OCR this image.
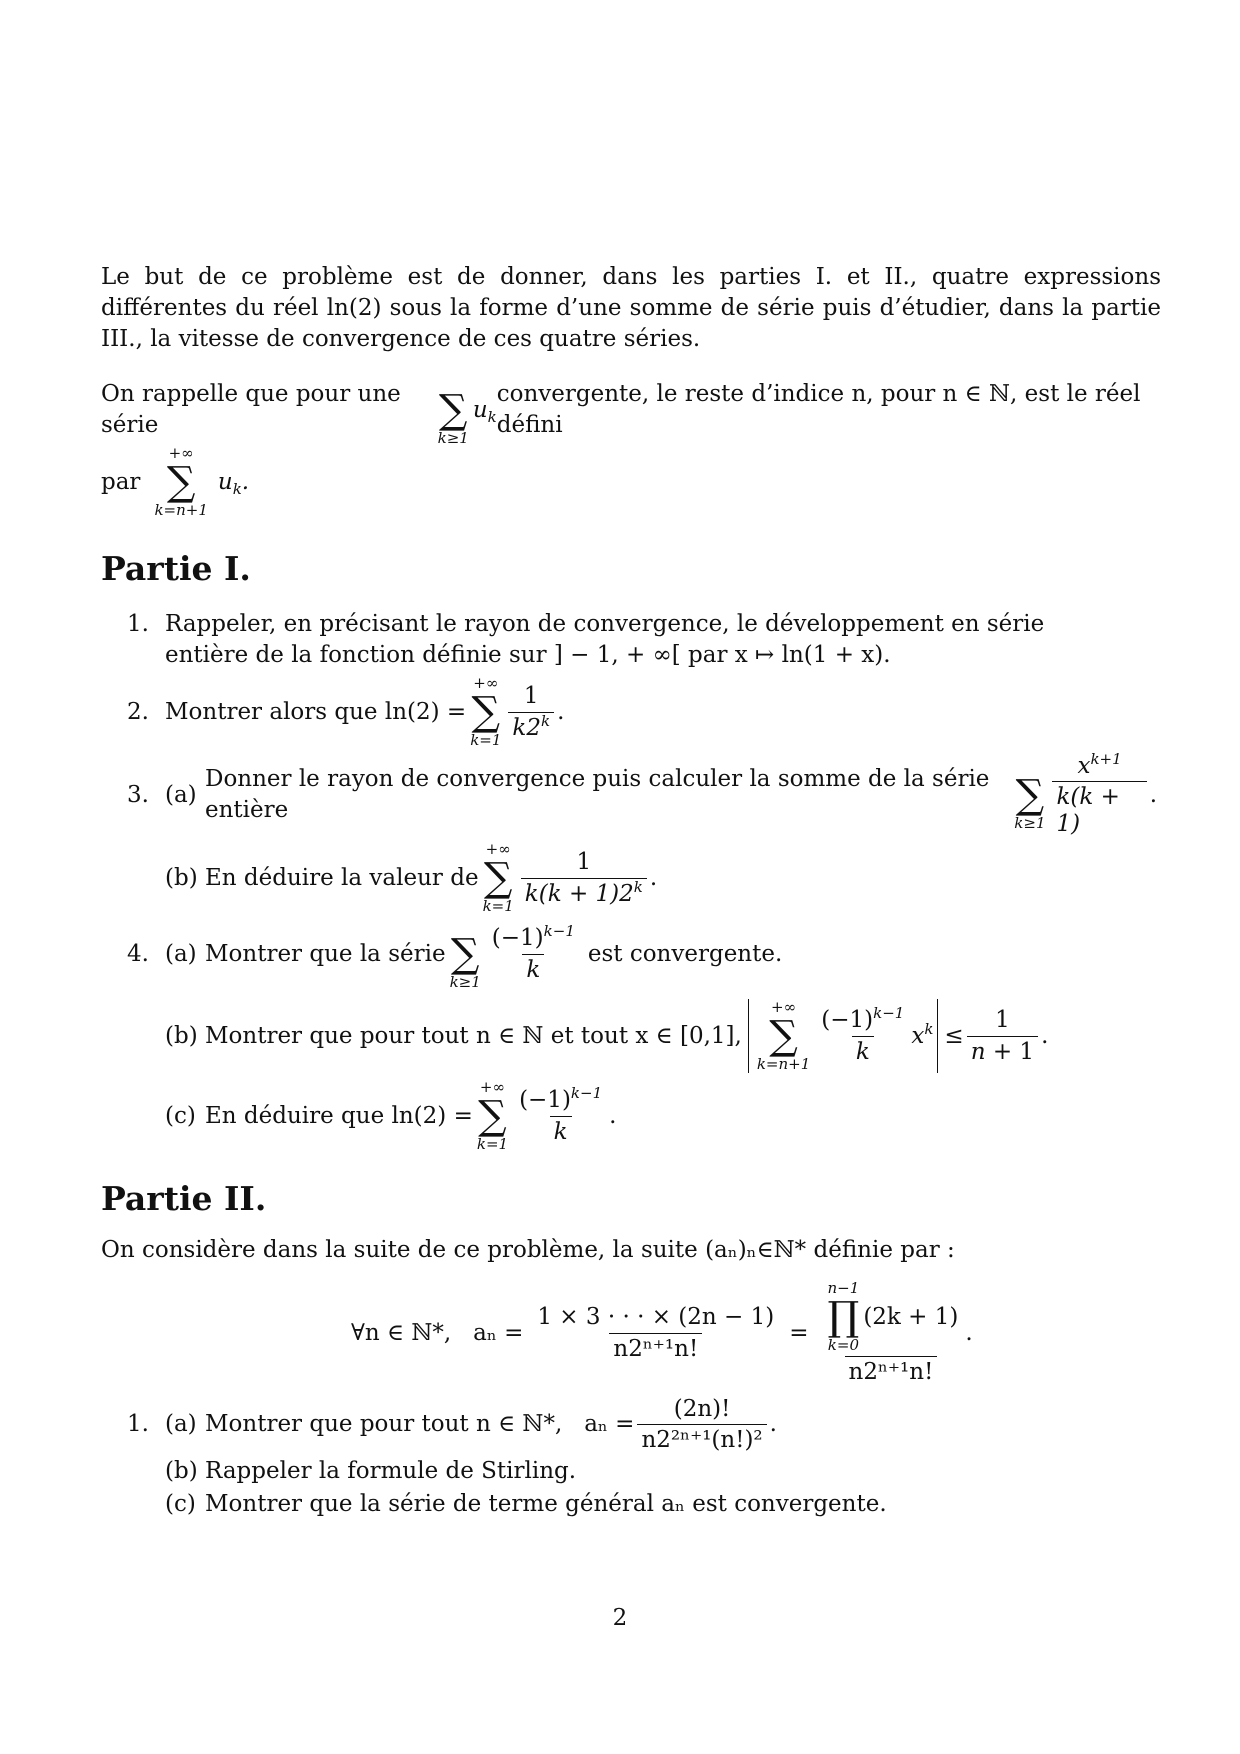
Le but de ce problème est de donner, dans les parties I. et II., quatre expressions différentes du réel ln(2) sous la forme d’une somme de série puis d’étudier, dans la partie III., la vitesse de convergence de ces quatre séries.

On rappelle que pour une série	∑
k≥1
$u_k$
convergente, le reste d’indice n, pour n ∈ ℕ, est le réel défini

par
+∞
∑
k=n+1
$u_k$.

Partie I.
1. Rappeler, en précisant le rayon de convergence, le développement en série entière de la fonction définie sur ] − 1, + ∞[ par x ↦ ln(1 + x).
2. Montrer alors que ln(2) =
+∞
∑
$k=1 \frac{1}{k2^k}$ .
3. (a)
Donner le rayon de convergence puis calculer la somme de la série entière	∑
$k\ge 1 \frac{x^{k+1}}{k(k + 1)}$ .
(b) En déduire la valeur de
+∞
∑
$k=1 \frac{1}{k(k + 1)2^k}$ .
4. (a) Montrer que la série ∑
$k\ge 1 \frac{(-1)^{k-1}}{k}$ est convergente.
(b) Montrer que pour tout n ∈ ℕ et tout x ∈ [0,1],
+∞
∑
$k=n+1 \frac{(-1)^{k-1}}{k} x^k \le \frac{1}{n + 1}$ .
(c) En déduire que ln(2) =
+∞
∑
$k=1 \frac{(-1)^{k-1}}{k}$ .
Partie II.

On considère dans la suite de ce problème, la suite (aₙ)ₙ∈ℕ* définie par :

∀n ∈ ℕ*,   $a_n = \frac{1 \times 3 \cdot \cdot \cdot \times (2n - 1)}{\text{n2ⁿ⁺¹n!}} = n-1$
∏
k=0
(2k + 1)
n2ⁿ⁺¹n! .
1. (a) Montrer que pour tout n ∈ ℕ*,   $a_n = \frac{(2n)!}{\text{n2²ⁿ⁺¹(n!)²}}$ .
(b) Rappeler la formule de Stirling.
(c) Montrer que la série de terme général aₙ est convergente.
2
